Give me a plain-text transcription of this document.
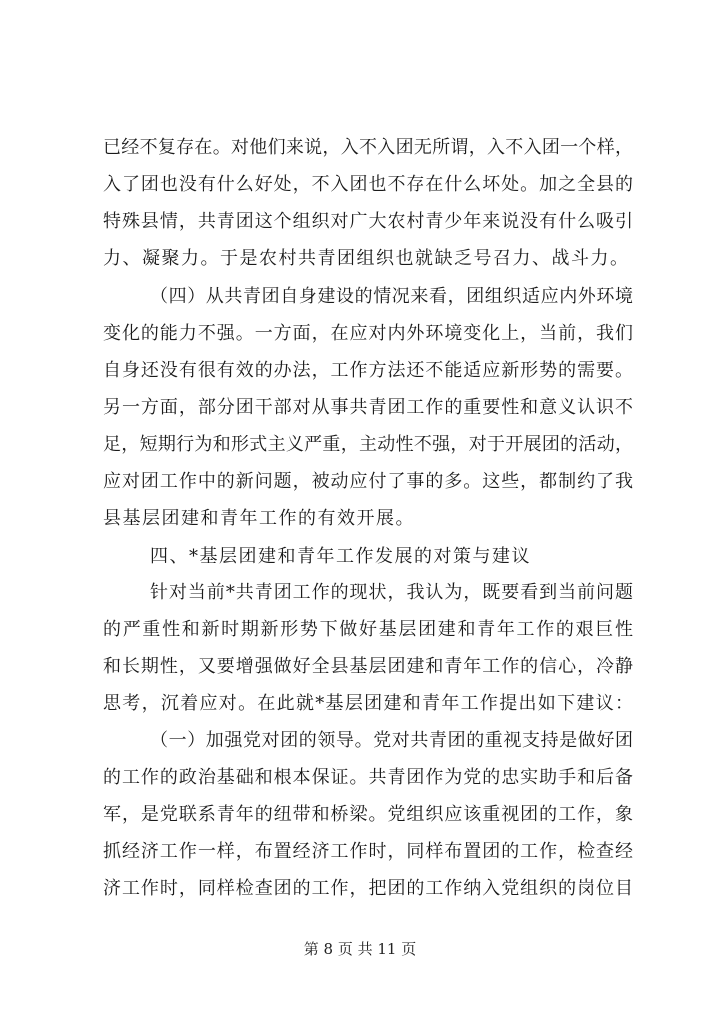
已经不复存在。对他们来说，入不入团无所谓，入不入团一个样，
入了团也没有什么好处，不入团也不存在什么坏处。加之全县的
特殊县情，共青团这个组织对广大农村青少年来说没有什么吸引
力、凝聚力。于是农村共青团组织也就缺乏号召力、战斗力。
（四）从共青团自身建设的情况来看，团组织适应内外环境
变化的能力不强。一方面，在应对内外环境变化上，当前，我们
自身还没有很有效的办法，工作方法还不能适应新形势的需要。
另一方面，部分团干部对从事共青团工作的重要性和意义认识不
足，短期行为和形式主义严重，主动性不强，对于开展团的活动，
应对团工作中的新问题，被动应付了事的多。这些，都制约了我
县基层团建和青年工作的有效开展。
四、*基层团建和青年工作发展的对策与建议
针对当前*共青团工作的现状，我认为，既要看到当前问题
的严重性和新时期新形势下做好基层团建和青年工作的艰巨性
和长期性，又要增强做好全县基层团建和青年工作的信心，冷静
思考，沉着应对。在此就*基层团建和青年工作提出如下建议：
（一）加强党对团的领导。党对共青团的重视支持是做好团
的工作的政治基础和根本保证。共青团作为党的忠实助手和后备
军，是党联系青年的纽带和桥梁。党组织应该重视团的工作，象
抓经济工作一样，布置经济工作时，同样布置团的工作，检查经
济工作时，同样检查团的工作，把团的工作纳入党组织的岗位目
第 8 页 共 11 页
